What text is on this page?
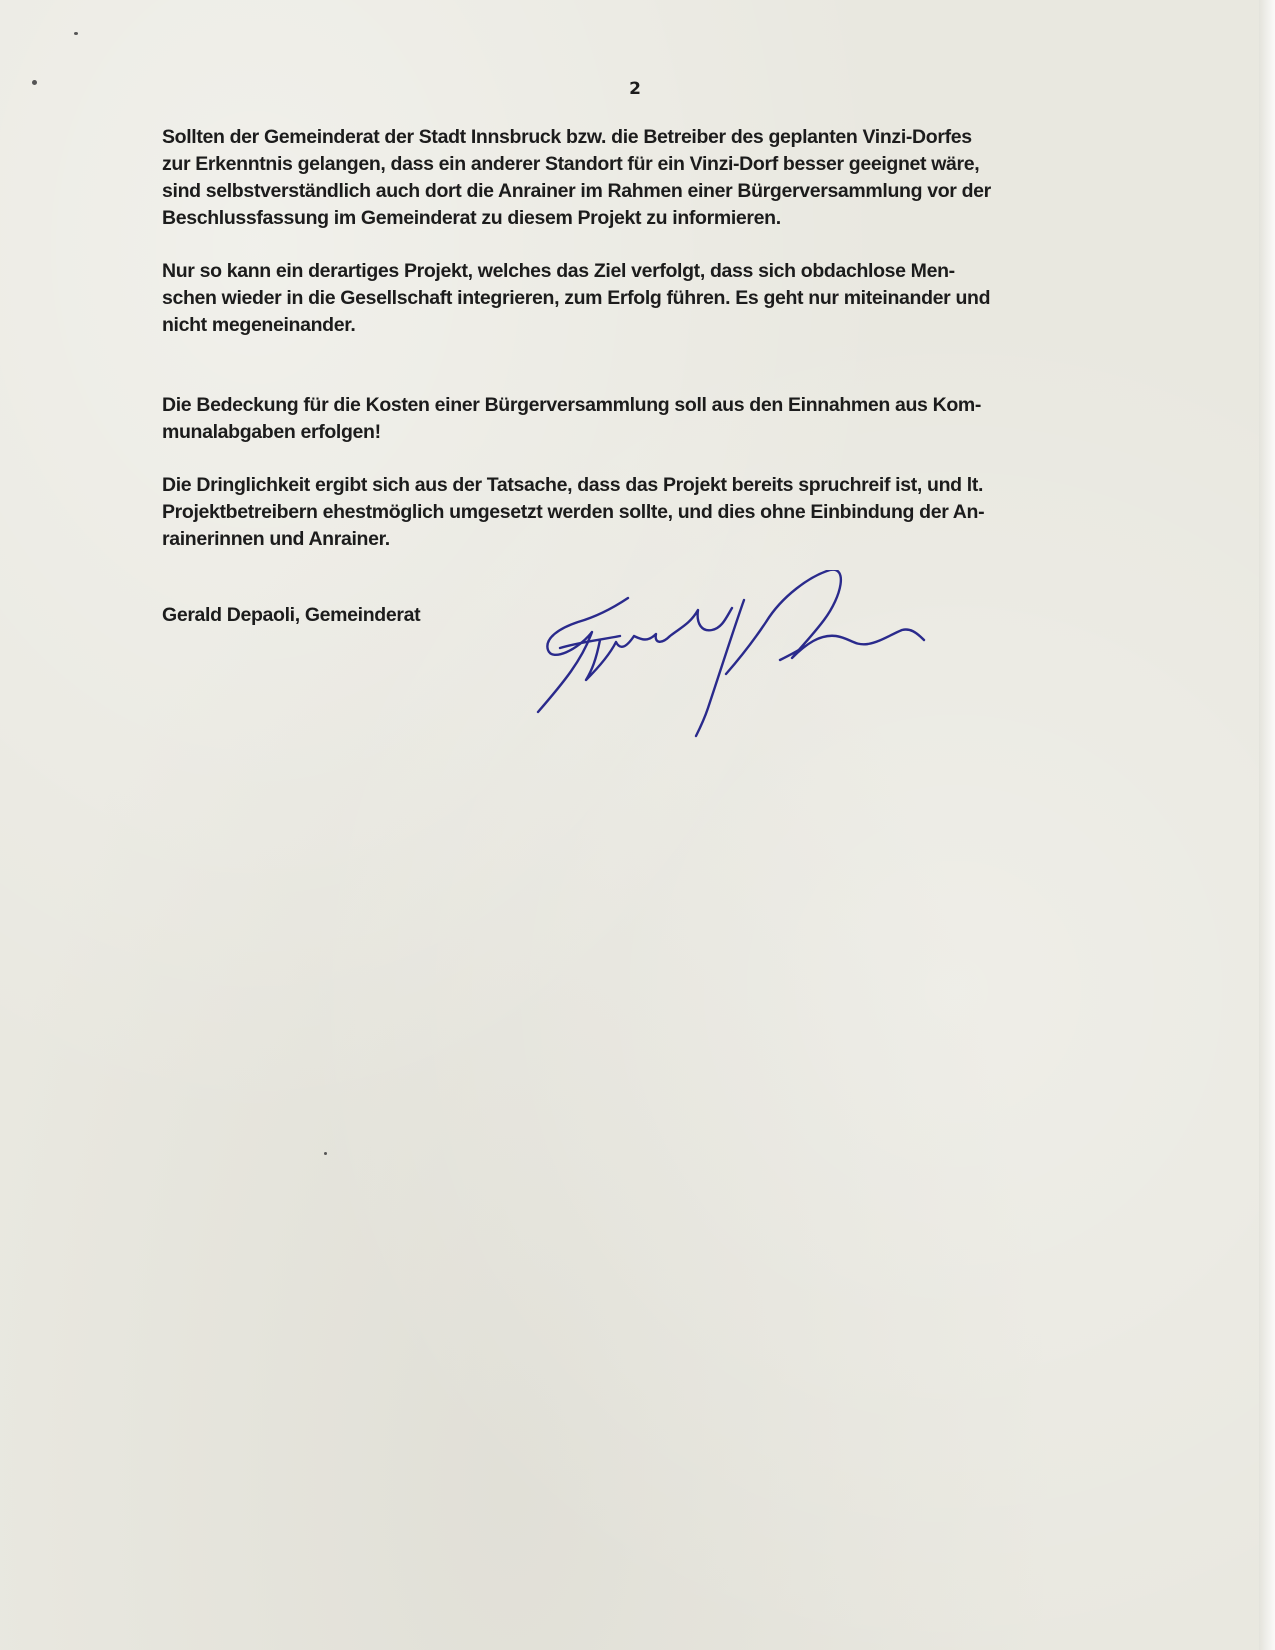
2

Sollten der Gemeinderat der Stadt Innsbruck bzw. die Betreiber des geplanten Vinzi-Dorfes
zur Erkenntnis gelangen, dass ein anderer Standort für ein Vinzi-Dorf besser geeignet wäre,
sind selbstverständlich auch dort die Anrainer im Rahmen einer Bürgerversammlung vor der
Beschlussfassung im Gemeinderat zu diesem Projekt zu informieren.

Nur so kann ein derartiges Projekt, welches das Ziel verfolgt, dass sich obdachlose Men-
schen wieder in die Gesellschaft integrieren, zum Erfolg führen. Es geht nur miteinander und
nicht megeneinander.

Die Bedeckung für die Kosten einer Bürgerversammlung soll aus den Einnahmen aus Kom-
munalabgaben erfolgen!

Die Dringlichkeit ergibt sich aus der Tatsache, dass das Projekt bereits spruchreif ist, und lt.
Projektbetreibern ehestmöglich umgesetzt werden sollte, und dies ohne Einbindung der An-
rainerinnen und Anrainer.

Gerald Depaoli, Gemeinderat
